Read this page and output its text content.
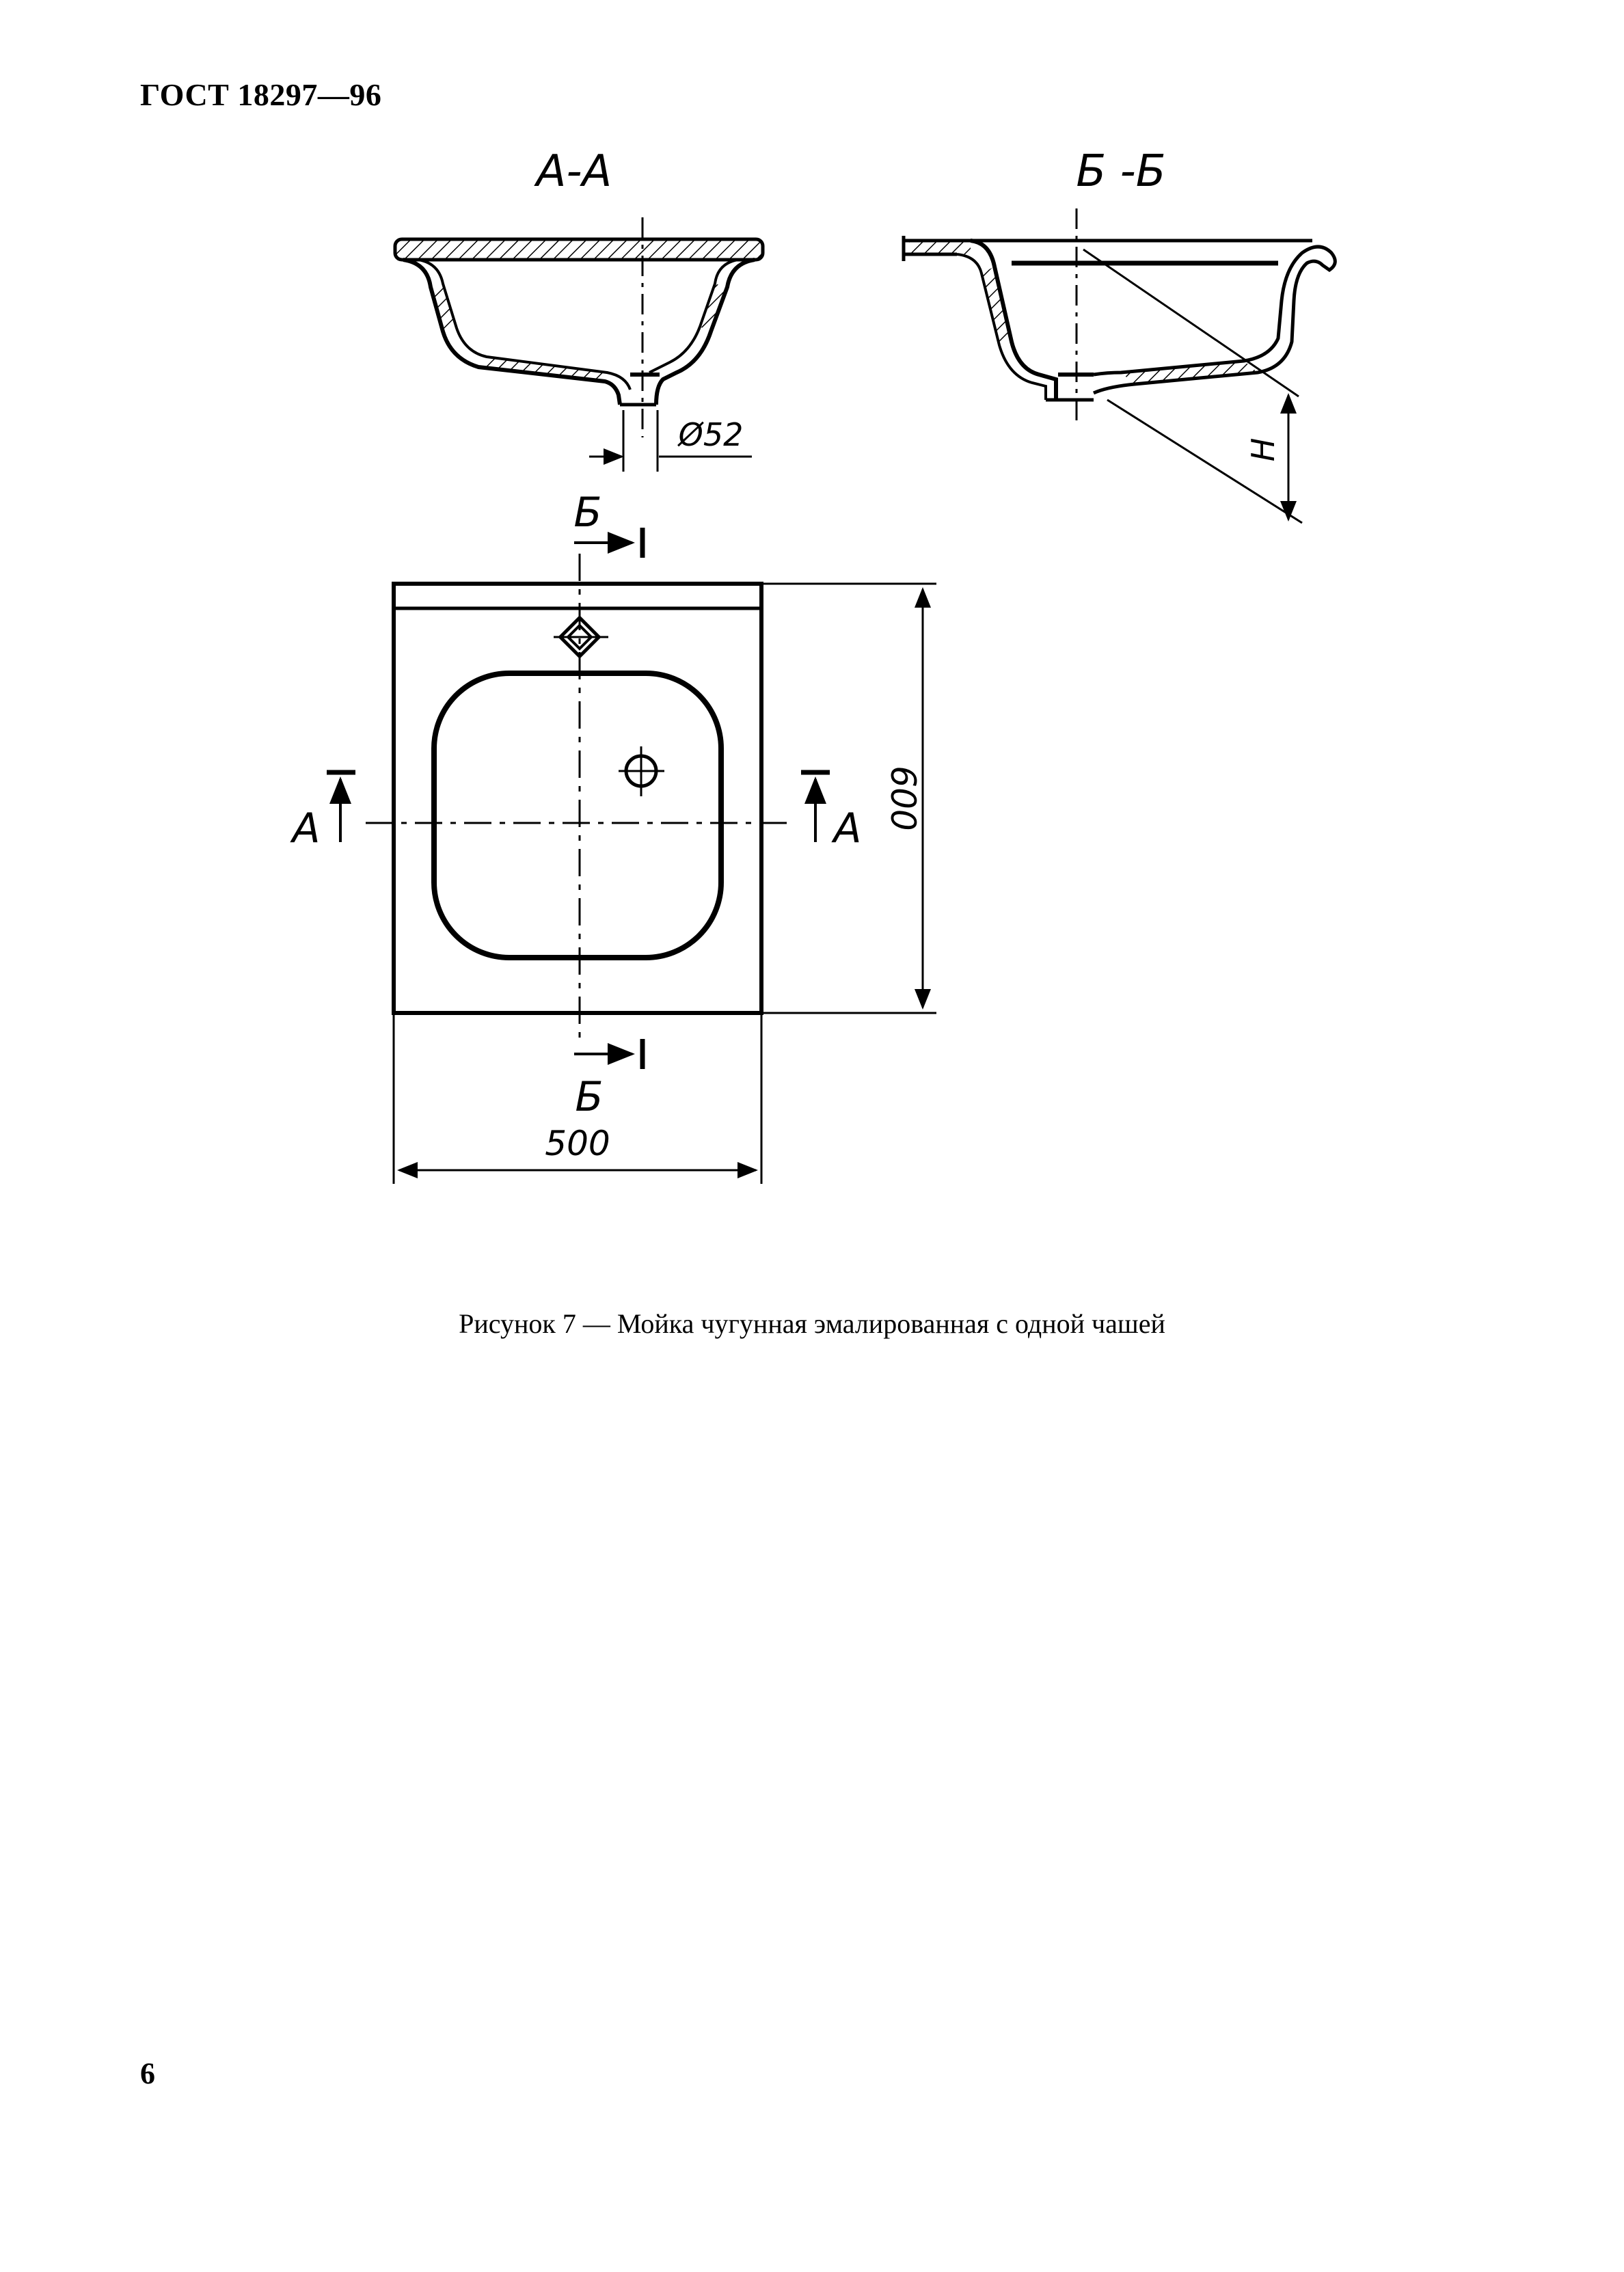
ГОСТ 18297—96
А-А
Ø52
Б -Б
Н
А	А
Б
Б
600
500
Рисунок 7 — Мойка чугунная эмалированная с одной чашей
6
